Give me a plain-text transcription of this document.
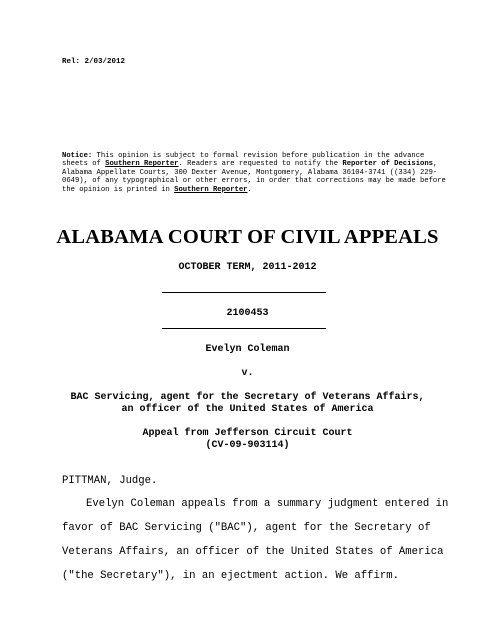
Rel: 2/03/2012
Notice: This opinion is subject to formal revision before publication in the advance sheets of Southern Reporter. Readers are requested to notify the Reporter of Decisions, Alabama Appellate Courts, 300 Dexter Avenue, Montgomery, Alabama 36104-3741 ((334) 229-0649), of any typographical or other errors, in order that corrections may be made before the opinion is printed in Southern Reporter.
ALABAMA COURT OF CIVIL APPEALS
OCTOBER TERM, 2011-2012
2100453
Evelyn Coleman
v.
BAC Servicing, agent for the Secretary of Veterans Affairs,
an officer of the United States of America
Appeal from Jefferson Circuit Court
(CV-09-903114)
PITTMAN, Judge.
Evelyn Coleman appeals from a summary judgment entered in
favor of BAC Servicing ("BAC"), agent for the Secretary of
Veterans Affairs, an officer of the United States of America
("the Secretary"), in an ejectment action. We affirm.
